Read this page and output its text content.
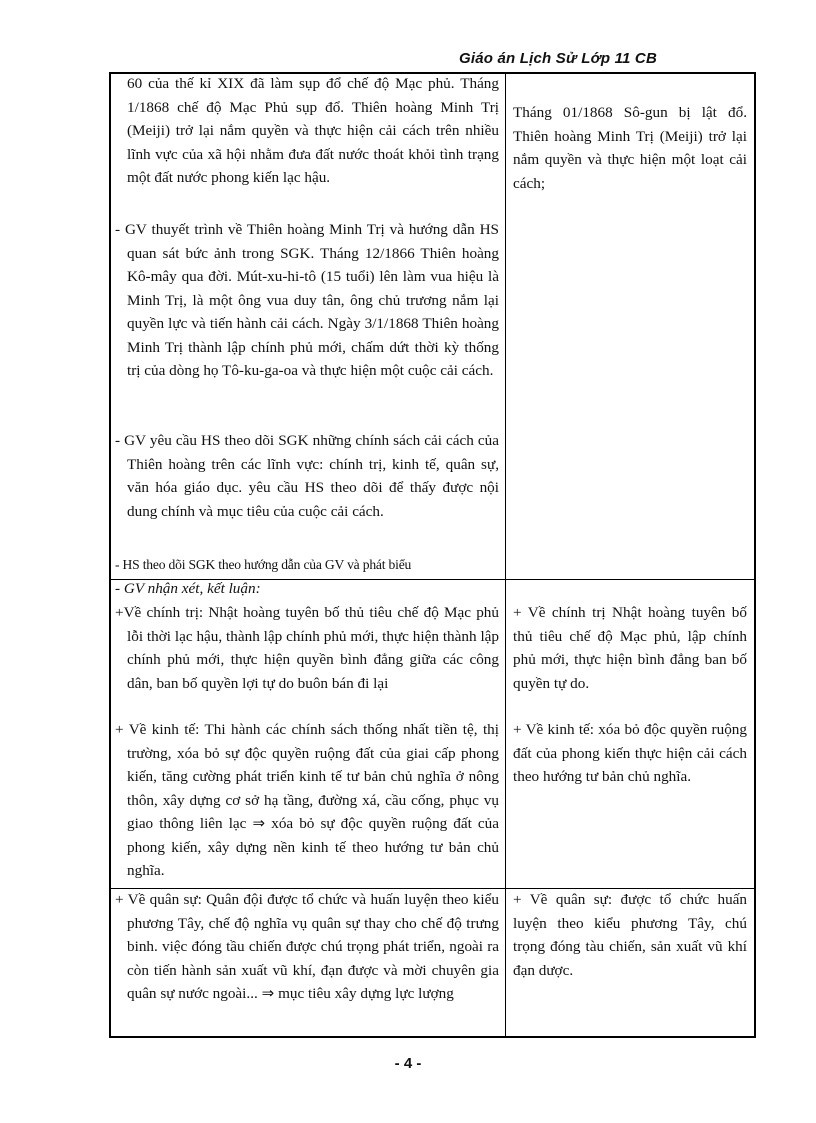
Giáo án Lịch Sử Lớp 11 CB
60 của thế kỉ XIX đã làm sụp đổ chế độ Mạc phủ. Tháng 1/1868 chế độ Mạc Phủ sụp đổ. Thiên hoàng Minh Trị (Meiji) trở lại nắm quyền và thực hiện cải cách trên nhiều lĩnh vực của xã hội nhằm đưa đất nước thoát khỏi tình trạng một đất nước phong kiến lạc hậu.
- GV thuyết trình về Thiên hoàng Minh Trị và hướng dẫn HS quan sát bức ảnh trong SGK. Tháng 12/1866 Thiên hoàng Kô-mây qua đời. Mút-xu-hi-tô (15 tuổi) lên làm vua hiệu là Minh Trị, là một ông vua duy tân, ông chủ trương nắm lại quyền lực và tiến hành cải cách. Ngày 3/1/1868 Thiên hoàng Minh Trị thành lập chính phủ mới, chấm dứt thời kỳ thống trị của dòng họ Tô-ku-ga-oa và thực hiện một cuộc cải cách.
- GV yêu cầu HS theo dõi SGK những chính sách cải cách của Thiên hoàng trên các lĩnh vực: chính trị, kinh tế, quân sự, văn hóa giáo dục. yêu cầu HS theo dõi để thấy được nội dung chính và mục tiêu của cuộc cải cách.
- HS theo dõi SGK theo hướng dẫn của GV và phát biểu
- GV nhận xét, kết luận:
+Về chính trị: Nhật hoàng tuyên bố thủ tiêu chế độ Mạc phủ lỗi thời lạc hậu, thành lập chính phủ mới, thực hiện thành lập chính phủ mới, thực hiện quyền bình đẳng giữa các công dân, ban bố quyền lợi tự do buôn bán đi lại
+ Về kinh tế: Thi hành các chính sách thống nhất tiền tệ, thị trường, xóa bỏ sự độc quyền ruộng đất của giai cấp phong kiến, tăng cường phát triển kinh tế tư bản chủ nghĩa ở nông thôn, xây dựng cơ sở hạ tầng, đường xá, cầu cống, phục vụ giao thông liên lạc ⇒ xóa bỏ sự độc quyền ruộng đất của phong kiến, xây dựng nền kinh tế theo hướng tư bản chủ nghĩa.
+ Về quân sự: Quân đội được tổ chức và huấn luyện theo kiểu phương Tây, chế độ nghĩa vụ quân sự thay cho chế độ trưng binh. việc đóng tầu chiến được chú trọng phát triển, ngoài ra còn tiến hành sản xuất vũ khí, đạn được và mời chuyên gia quân sự nước ngoài... ⇒ mục tiêu xây dựng lực lượng
Tháng 01/1868 Sô-gun bị lật đổ. Thiên hoàng Minh Trị (Meiji) trở lại nắm quyền và thực hiện một loạt cải cách;
+ Về chính trị Nhật hoàng tuyên bố thủ tiêu chế độ Mạc phủ, lập chính phủ mới, thực hiện bình đẳng ban bố quyền tự do.
+ Về kinh tế: xóa bỏ độc quyền ruộng đất của phong kiến thực hiện cải cách theo hướng tư bản chủ nghĩa.
+ Về quân sự: được tổ chức huấn luyện theo kiểu phương Tây, chú trọng đóng tàu chiến, sản xuất vũ khí đạn dược.
- 4 -
